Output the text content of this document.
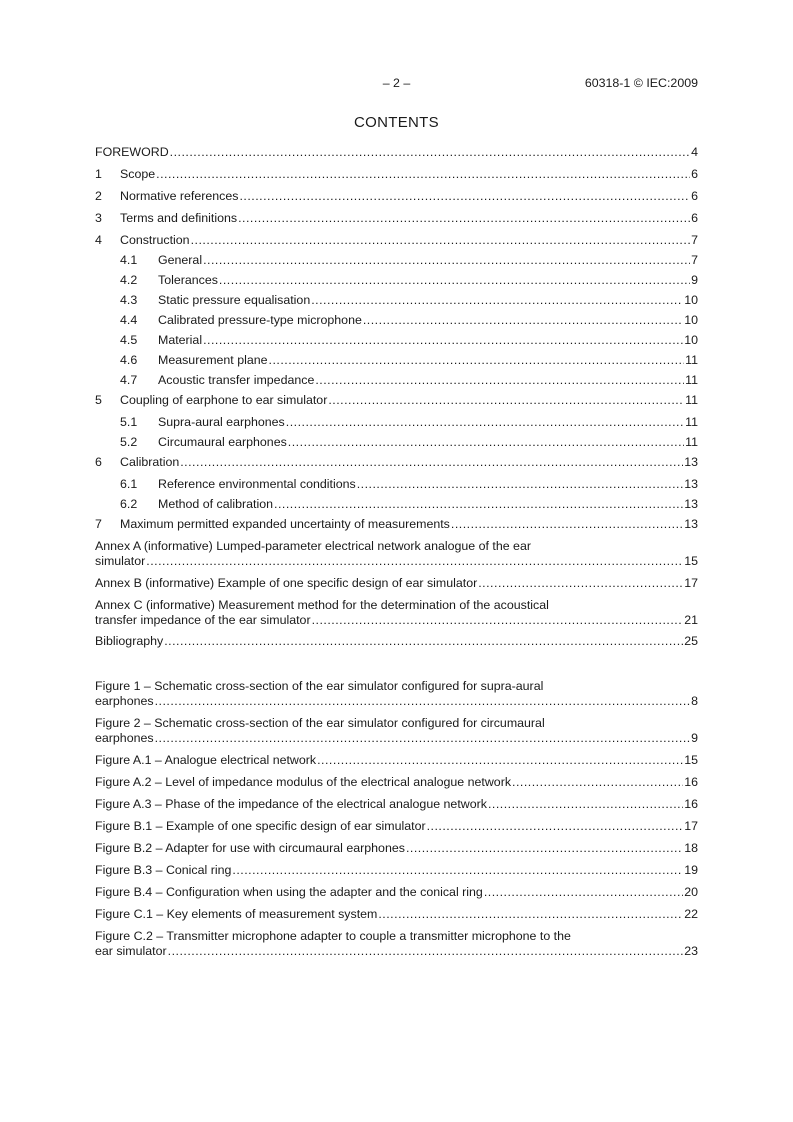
– 2 –	60318-1 © IEC:2009
CONTENTS
FOREWORD .....	4
1	Scope .....	6
2	Normative references .....	6
3	Terms and definitions .....	6
4	Construction .....	7
4.1	General .....	7
4.2	Tolerances .....	9
4.3	Static pressure equalisation .....	10
4.4	Calibrated pressure-type microphone .....	10
4.5	Material .....	10
4.6	Measurement plane .....	11
4.7	Acoustic transfer impedance .....	11
5	Coupling of earphone to ear simulator .....	11
5.1	Supra-aural earphones .....	11
5.2	Circumaural earphones .....	11
6	Calibration .....	13
6.1	Reference environmental conditions .....	13
6.2	Method of calibration .....	13
7	Maximum permitted expanded uncertainty of measurements .....	13
Annex A (informative) Lumped-parameter electrical network analogue of the ear
simulator .....	15
Annex B (informative) Example of one specific design of ear simulator .....	17
Annex C (informative) Measurement method for the determination of the acoustical
transfer impedance of the ear simulator .....	21
Bibliography .....	25
Figure 1 – Schematic cross-section of the ear simulator configured for supra-aural
earphones .....	8
Figure 2 – Schematic cross-section of the ear simulator configured for circumaural
earphones .....	9
Figure A.1 – Analogue electrical network .....	15
Figure A.2 – Level of impedance modulus of the electrical analogue network .....	16
Figure A.3 – Phase of the impedance of the electrical analogue network .....	16
Figure B.1 – Example of one specific design of ear simulator .....	17
Figure B.2 – Adapter for use with circumaural earphones .....	18
Figure B.3 – Conical ring .....	19
Figure B.4 – Configuration when using the adapter and the conical ring .....	20
Figure C.1 – Key elements of measurement system .....	22
Figure C.2 – Transmitter microphone adapter to couple a transmitter microphone to the
ear simulator .....	23
